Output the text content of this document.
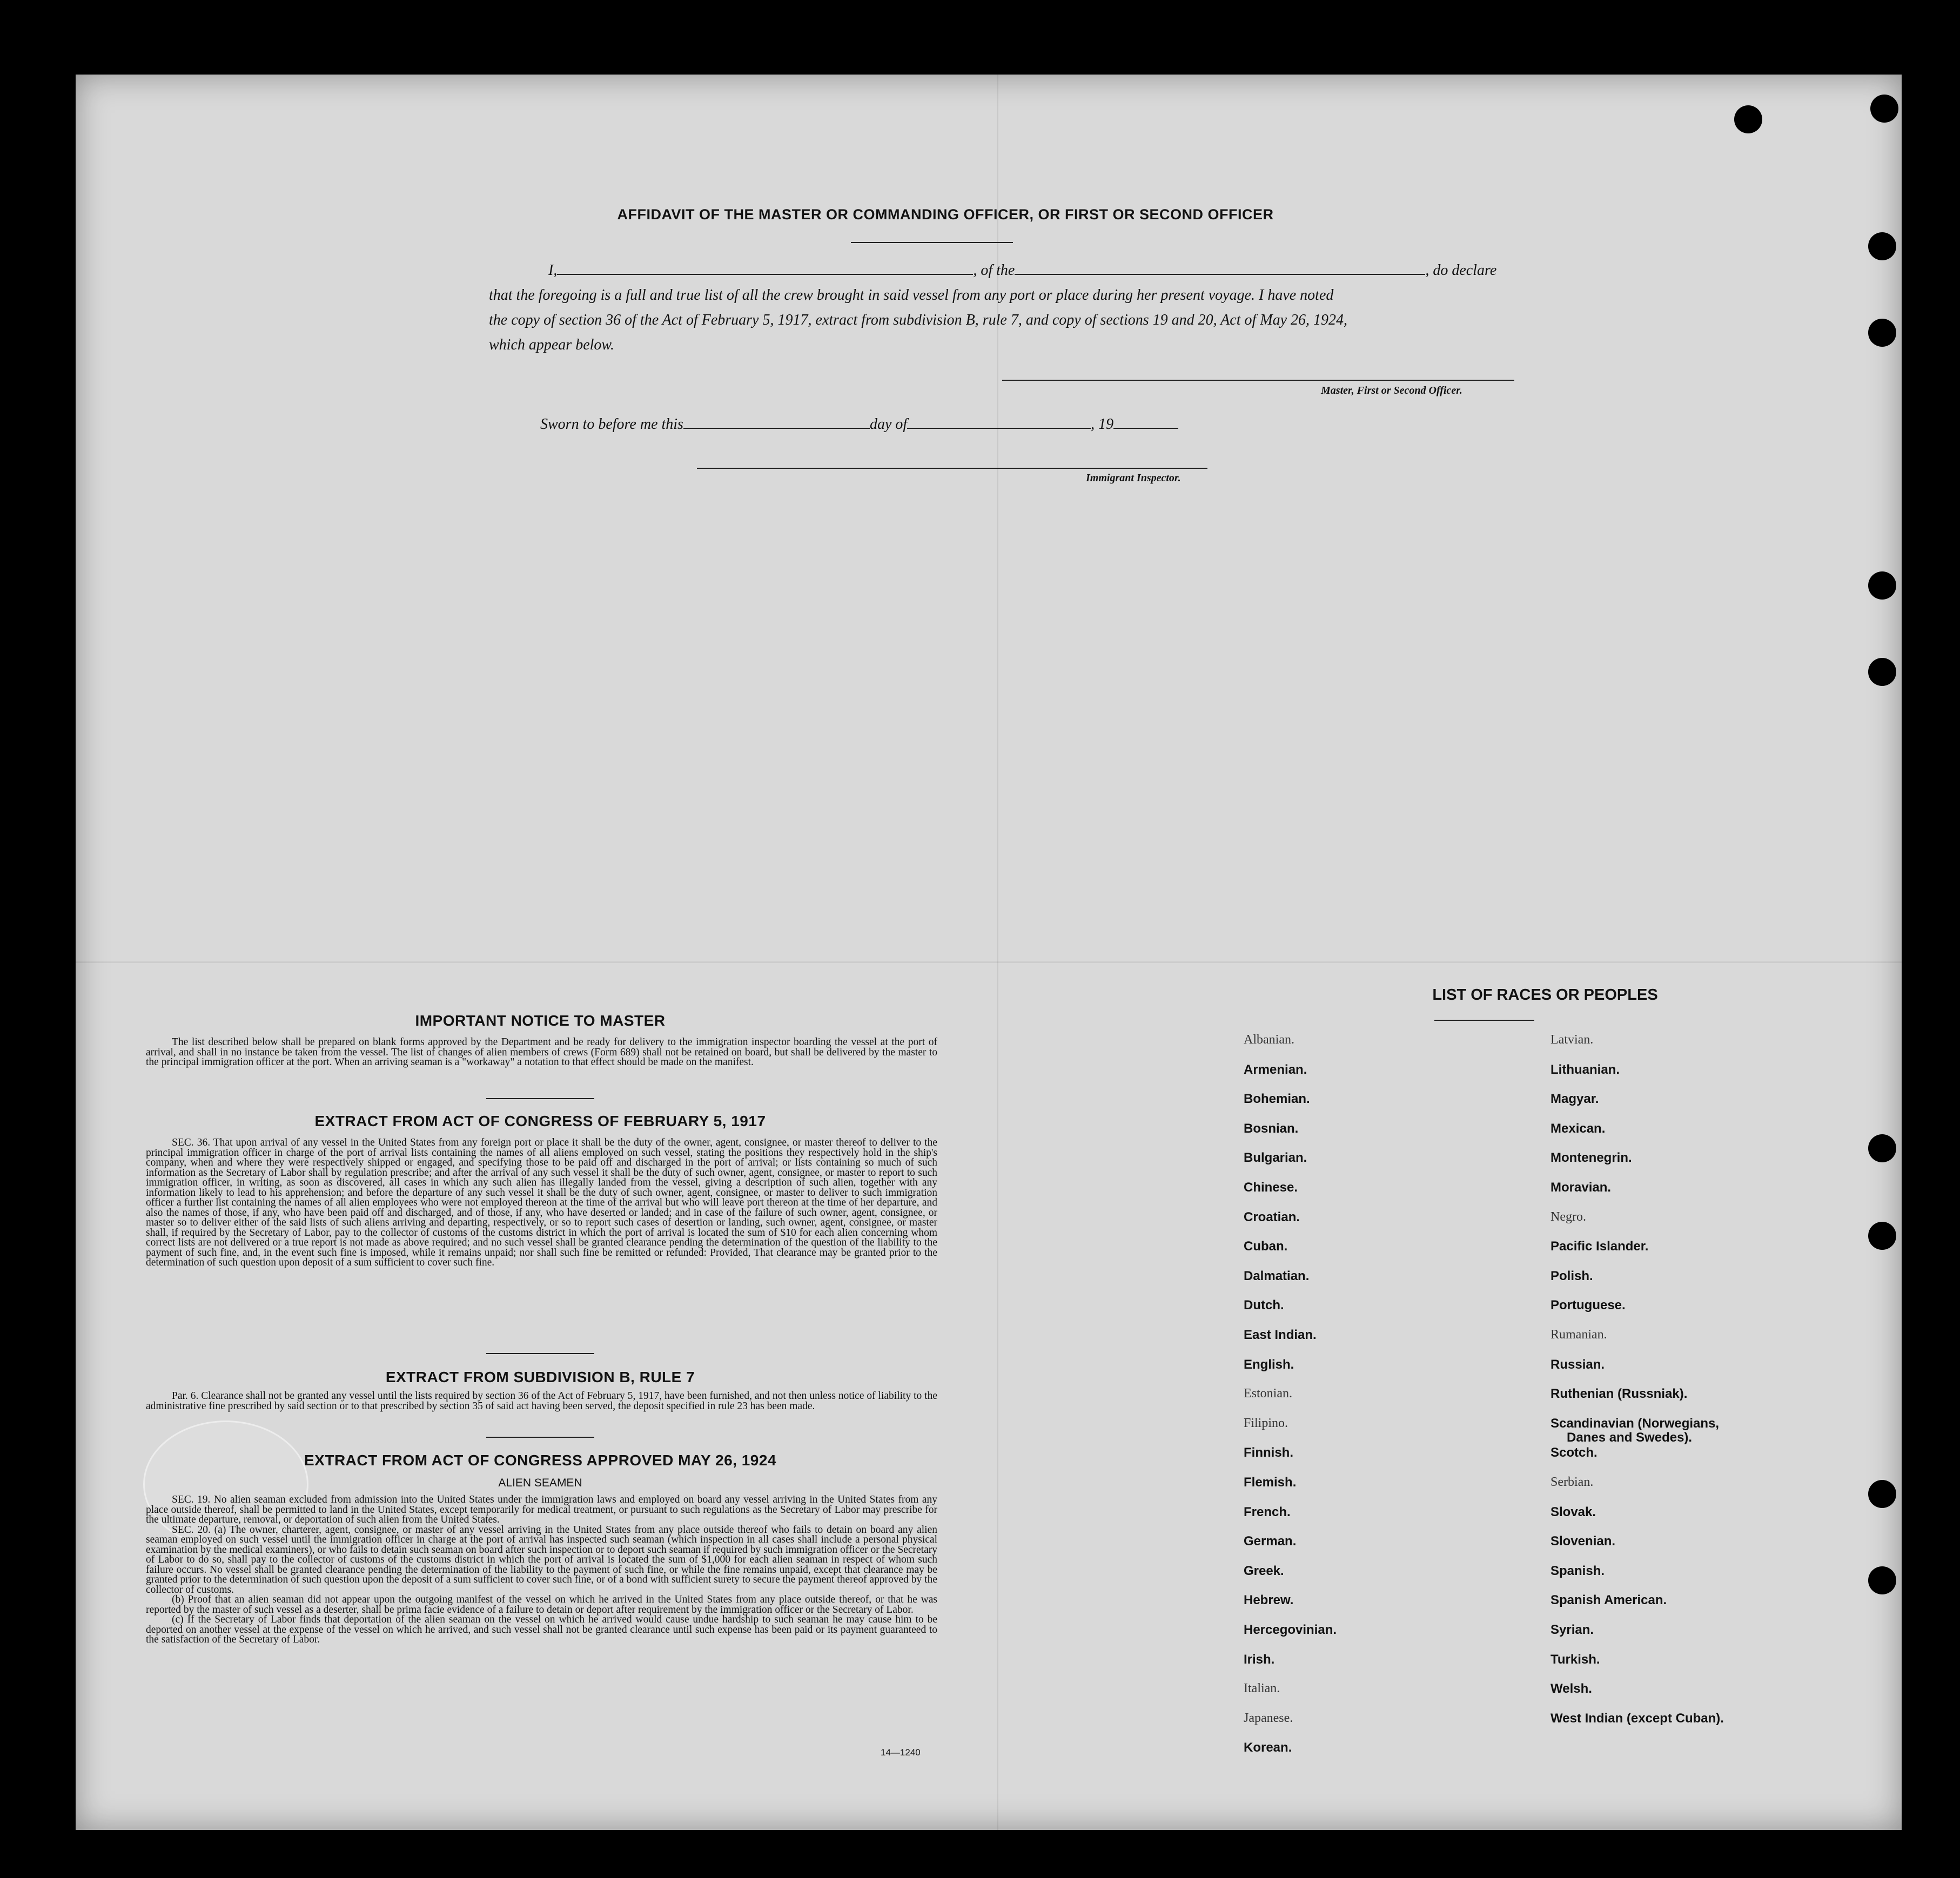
AFFIDAVIT OF THE MASTER OR COMMANDING OFFICER, OR FIRST OR SECOND OFFICER
I,	, of the	, do declare
that the foregoing is a full and true list of all the crew brought in said vessel from any port or place during her present voyage. I have noted
the copy of section 36 of the Act of February 5, 1917, extract from subdivision B, rule 7, and copy of sections 19 and 20, Act of May 26, 1924,
which appear below.
Master, First or Second Officer.
Sworn to before me this	day of	, 19
Immigrant Inspector.
IMPORTANT NOTICE TO MASTER

The list described below shall be prepared on blank forms approved by the Department and be ready for delivery to the immigration inspector boarding the vessel at the port of arrival, and shall in no instance be taken from the vessel. The list of changes of alien members of crews (Form 689) shall not be retained on board, but shall be delivered by the master to the principal immigration officer at the port. When an arriving seaman is a "workaway" a notation to that effect should be made on the manifest.

EXTRACT FROM ACT OF CONGRESS OF FEBRUARY 5, 1917

SEC. 36. That upon arrival of any vessel in the United States from any foreign port or place it shall be the duty of the owner, agent, consignee, or master thereof to deliver to the principal immigration officer in charge of the port of arrival lists containing the names of all aliens employed on such vessel, stating the positions they respectively hold in the ship's company, when and where they were respectively shipped or engaged, and specifying those to be paid off and discharged in the port of arrival; or lists containing so much of such information as the Secretary of Labor shall by regulation prescribe; and after the arrival of any such vessel it shall be the duty of such owner, agent, consignee, or master to report to such immigration officer, in writing, as soon as discovered, all cases in which any such alien has illegally landed from the vessel, giving a description of such alien, together with any information likely to lead to his apprehension; and before the departure of any such vessel it shall be the duty of such owner, agent, consignee, or master to deliver to such immigration officer a further list containing the names of all alien employees who were not employed thereon at the time of the arrival but who will leave port thereon at the time of her departure, and also the names of those, if any, who have been paid off and discharged, and of those, if any, who have deserted or landed; and in case of the failure of such owner, agent, consignee, or master so to deliver either of the said lists of such aliens arriving and departing, respectively, or so to report such cases of desertion or landing, such owner, agent, consignee, or master shall, if required by the Secretary of Labor, pay to the collector of customs of the customs district in which the port of arrival is located the sum of $10 for each alien concerning whom correct lists are not delivered or a true report is not made as above required; and no such vessel shall be granted clearance pending the determination of the question of the liability to the payment of such fine, and, in the event such fine is imposed, while it remains unpaid; nor shall such fine be remitted or refunded: Provided, That clearance may be granted prior to the determination of such question upon deposit of a sum sufficient to cover such fine.

EXTRACT FROM SUBDIVISION B, RULE 7

Par. 6. Clearance shall not be granted any vessel until the lists required by section 36 of the Act of February 5, 1917, have been furnished, and not then unless notice of liability to the administrative fine prescribed by said section or to that prescribed by section 35 of said act having been served, the deposit specified in rule 23 has been made.

EXTRACT FROM ACT OF CONGRESS APPROVED MAY 26, 1924
ALIEN SEAMEN

SEC. 19. No alien seaman excluded from admission into the United States under the immigration laws and employed on board any vessel arriving in the United States from any place outside thereof, shall be permitted to land in the United States, except temporarily for medical treatment, or pursuant to such regulations as the Secretary of Labor may prescribe for the ultimate departure, removal, or deportation of such alien from the United States.

SEC. 20. (a) The owner, charterer, agent, consignee, or master of any vessel arriving in the United States from any place outside thereof who fails to detain on board any alien seaman employed on such vessel until the immigration officer in charge at the port of arrival has inspected such seaman (which inspection in all cases shall include a personal physical examination by the medical examiners), or who fails to detain such seaman on board after such inspection or to deport such seaman if required by such immigration officer or the Secretary of Labor to do so, shall pay to the collector of customs of the customs district in which the port of arrival is located the sum of $1,000 for each alien seaman in respect of whom such failure occurs. No vessel shall be granted clearance pending the determination of the liability to the payment of such fine, or while the fine remains unpaid, except that clearance may be granted prior to the determination of such question upon the deposit of a sum sufficient to cover such fine, or of a bond with sufficient surety to secure the payment thereof approved by the collector of customs.

(b) Proof that an alien seaman did not appear upon the outgoing manifest of the vessel on which he arrived in the United States from any place outside thereof, or that he was reported by the master of such vessel as a deserter, shall be prima facie evidence of a failure to detain or deport after requirement by the immigration officer or the Secretary of Labor.

(c) If the Secretary of Labor finds that deportation of the alien seaman on the vessel on which he arrived would cause undue hardship to such seaman he may cause him to be deported on another vessel at the expense of the vessel on which he arrived, and such vessel shall not be granted clearance until such expense has been paid or its payment guaranteed to the satisfaction of the Secretary of Labor.

14—1240
LIST OF RACES OR PEOPLES
Albanian.
Armenian.
Bohemian.
Bosnian.
Bulgarian.
Chinese.
Croatian.
Cuban.
Dalmatian.
Dutch.
East Indian.
English.
Estonian.
Filipino.
Finnish.
Flemish.
French.
German.
Greek.
Hebrew.
Hercegovinian.
Irish.
Italian.
Japanese.
Korean.
Latvian.
Lithuanian.
Magyar.
Mexican.
Montenegrin.
Moravian.
Negro.
Pacific Islander.
Polish.
Portuguese.
Rumanian.
Russian.
Ruthenian (Russniak).
Scandinavian (Norwegians,
Danes and Swedes).
Scotch.
Serbian.
Slovak.
Slovenian.
Spanish.
Spanish American.
Syrian.
Turkish.
Welsh.
West Indian (except Cuban).
